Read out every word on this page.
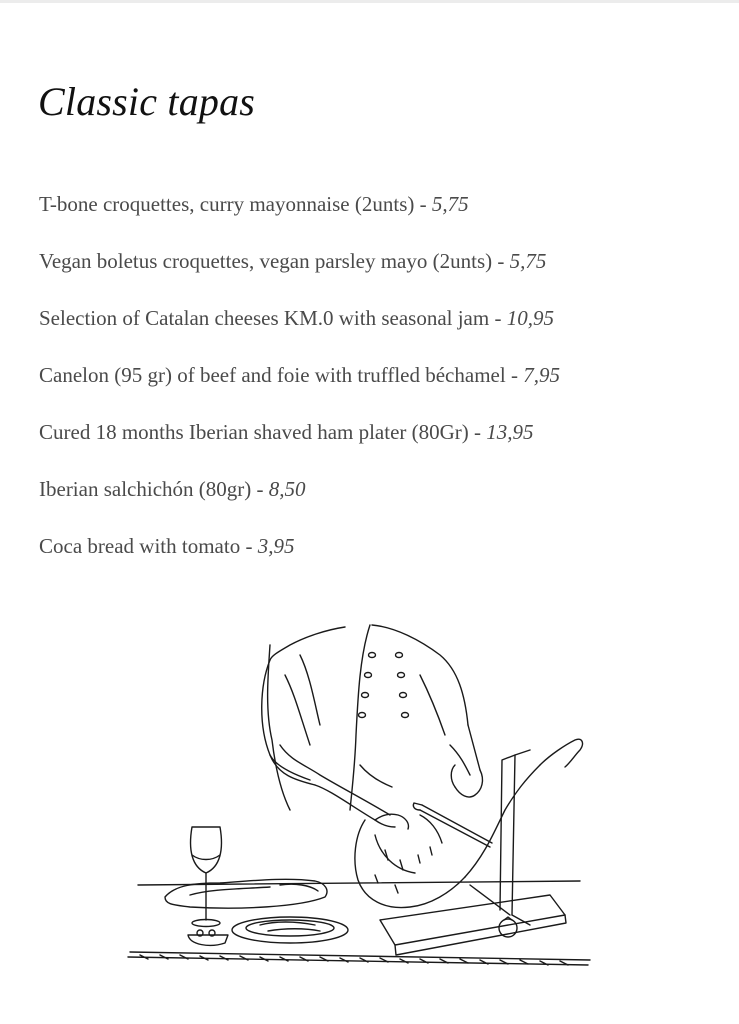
Classic tapas
T-bone croquettes, curry mayonnaise (2unts) - 5,75
Vegan boletus croquettes, vegan parsley mayo (2unts) - 5,75
Selection of Catalan cheeses KM.0 with seasonal jam - 10,95
Canelon (95 gr) of beef and foie with truffled béchamel - 7,95
Cured 18 months Iberian shaved ham plater (80Gr) - 13,95
Iberian salchichón (80gr) - 8,50
Coca bread with tomato - 3,95
